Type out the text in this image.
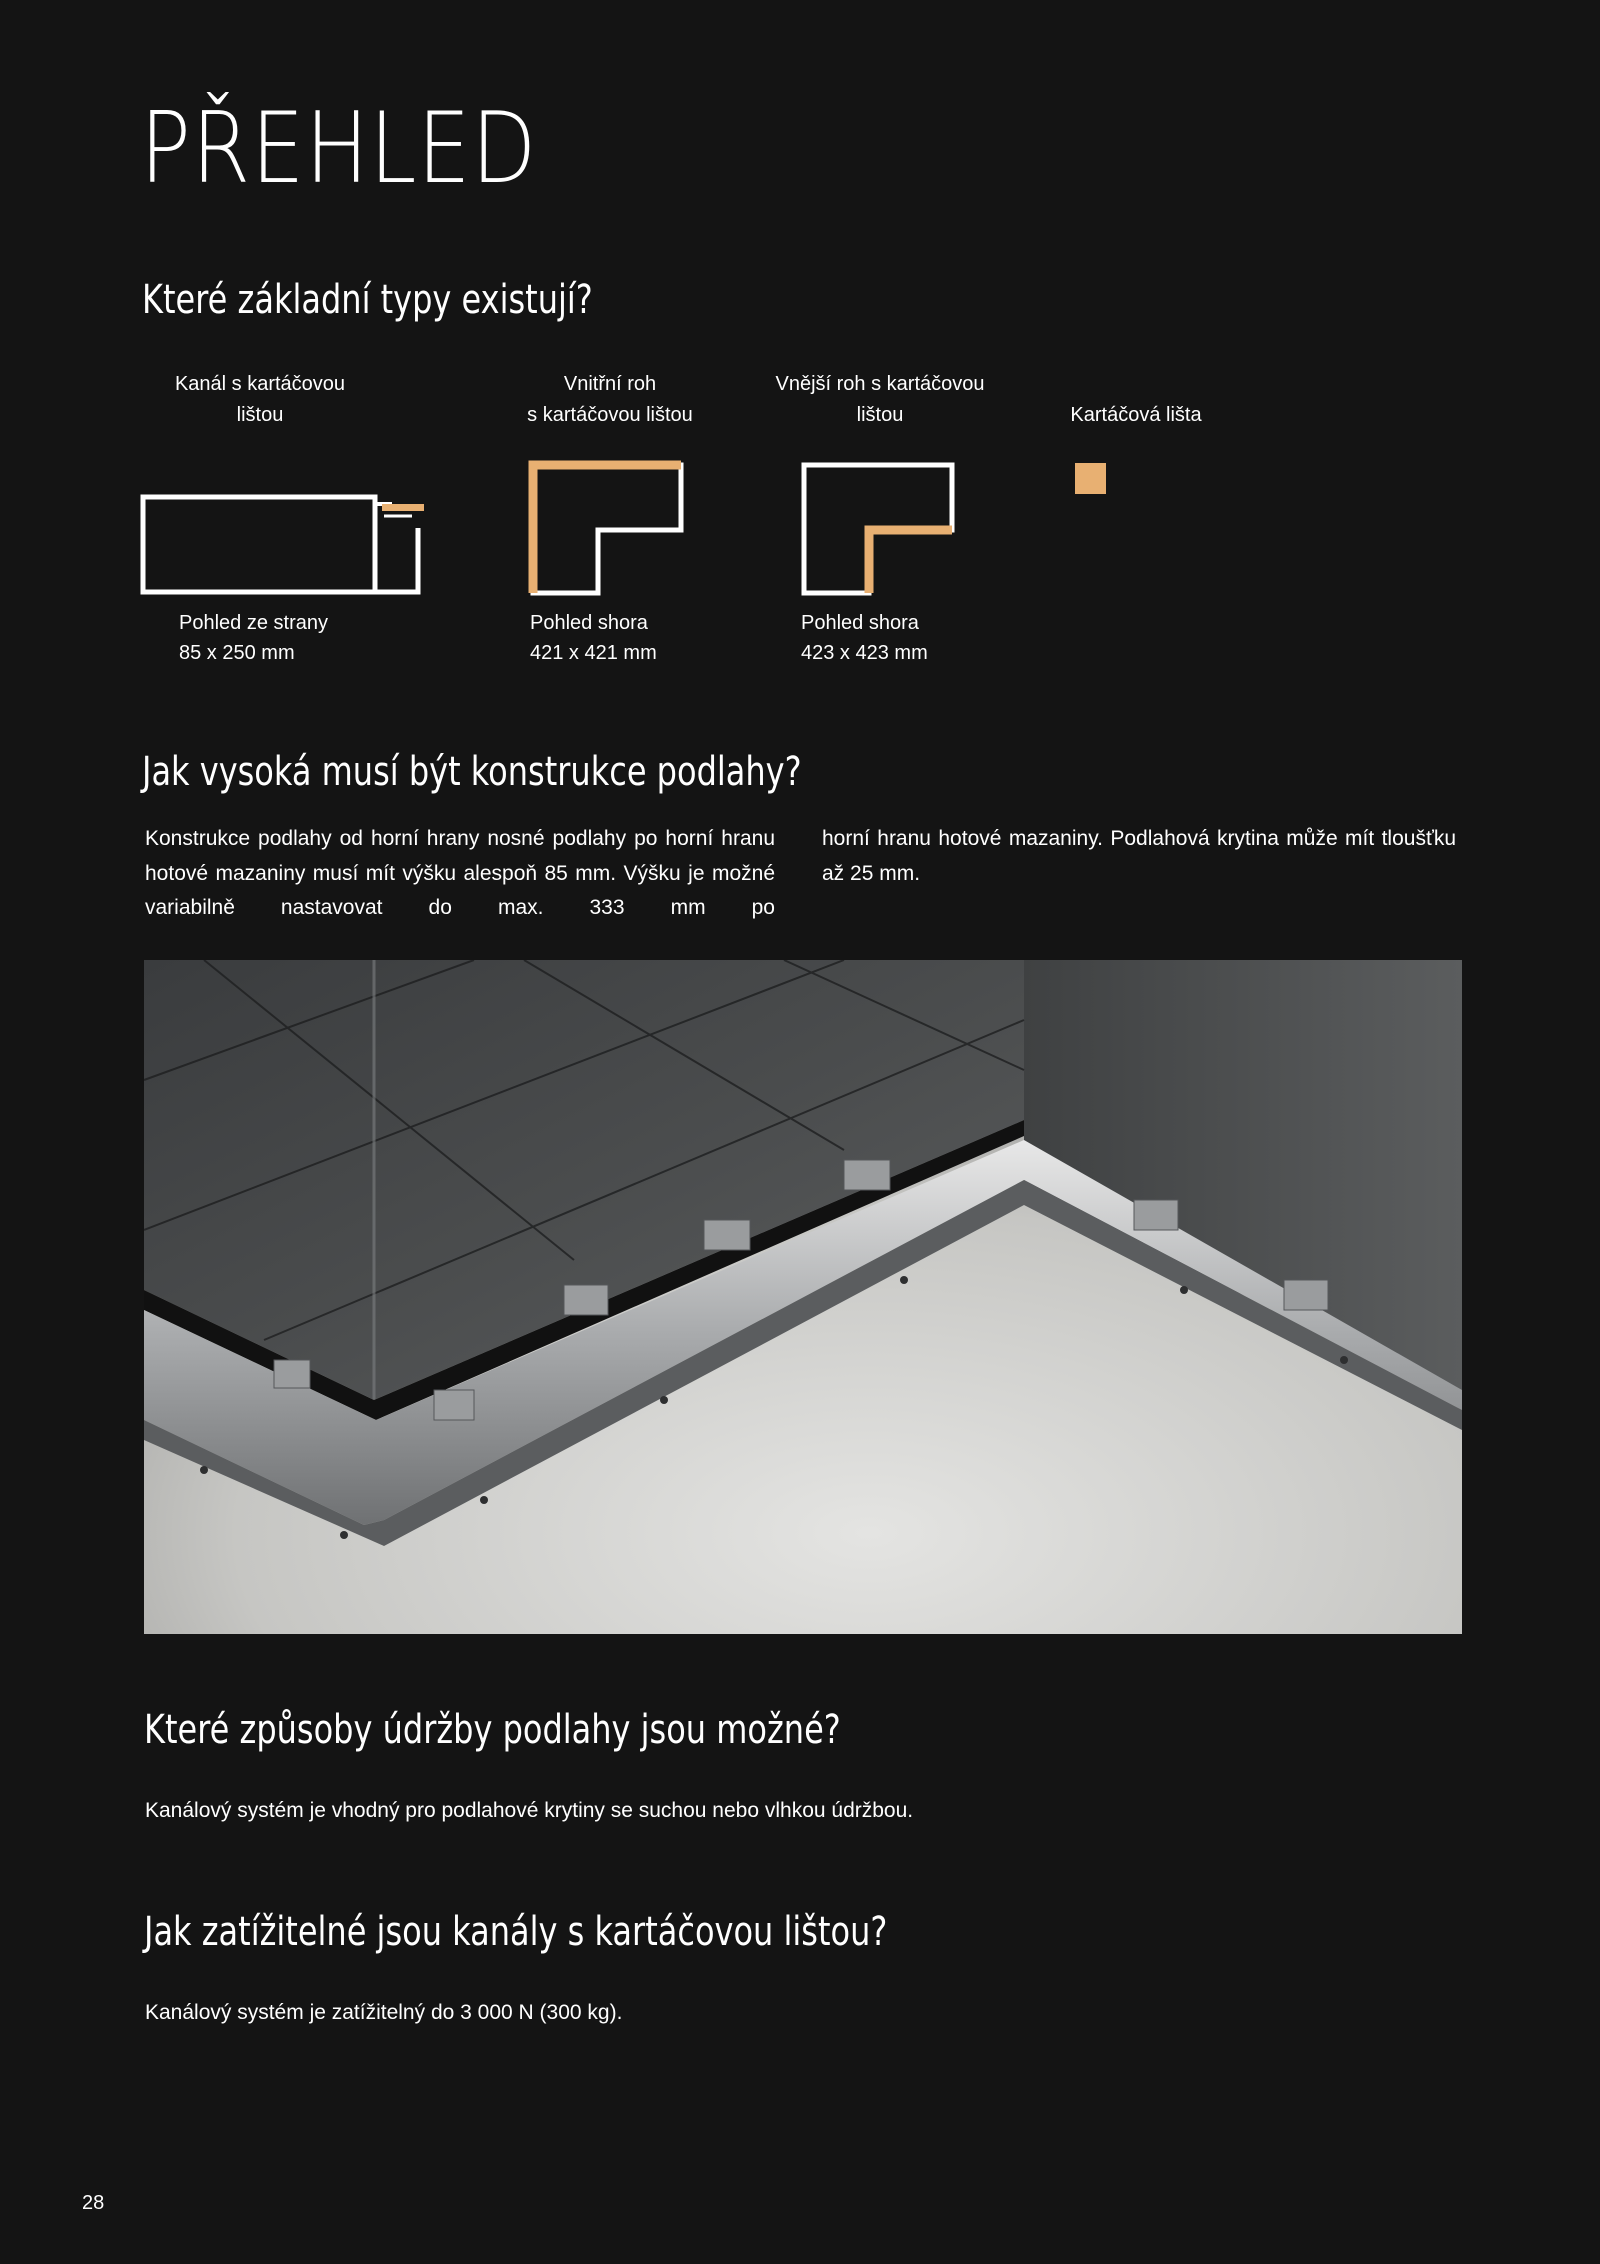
PŘEHLED
Které základní typy existují?
Kanál s kartáčovou
lištou
Vnitřní roh
s kartáčovou lištou
Vnější roh s kartáčovou
lištou	Kartáčová lišta
Pohled ze strany
85 x 250 mm
Pohled shora
421 x 421 mm
Pohled shora
423 x 423 mm
Jak vysoká musí být konstrukce podlahy?

Konstrukce podlahy od horní hrany nosné podlahy po horní hranu hotové mazaniny musí mít výšku alespoň 85 mm. Výšku je možné variabilně nastavovat do max. 333 mm po

horní hranu hotové mazaniny. Podlahová krytina může mít tloušťku až 25 mm.

Které způsoby údržby podlahy jsou možné?

Kanálový systém je vhodný pro podlahové krytiny se suchou nebo vlhkou údržbou.

Jak zatížitelné jsou kanály s kartáčovou lištou?

Kanálový systém je zatížitelný do 3 000 N (300 kg).

28
